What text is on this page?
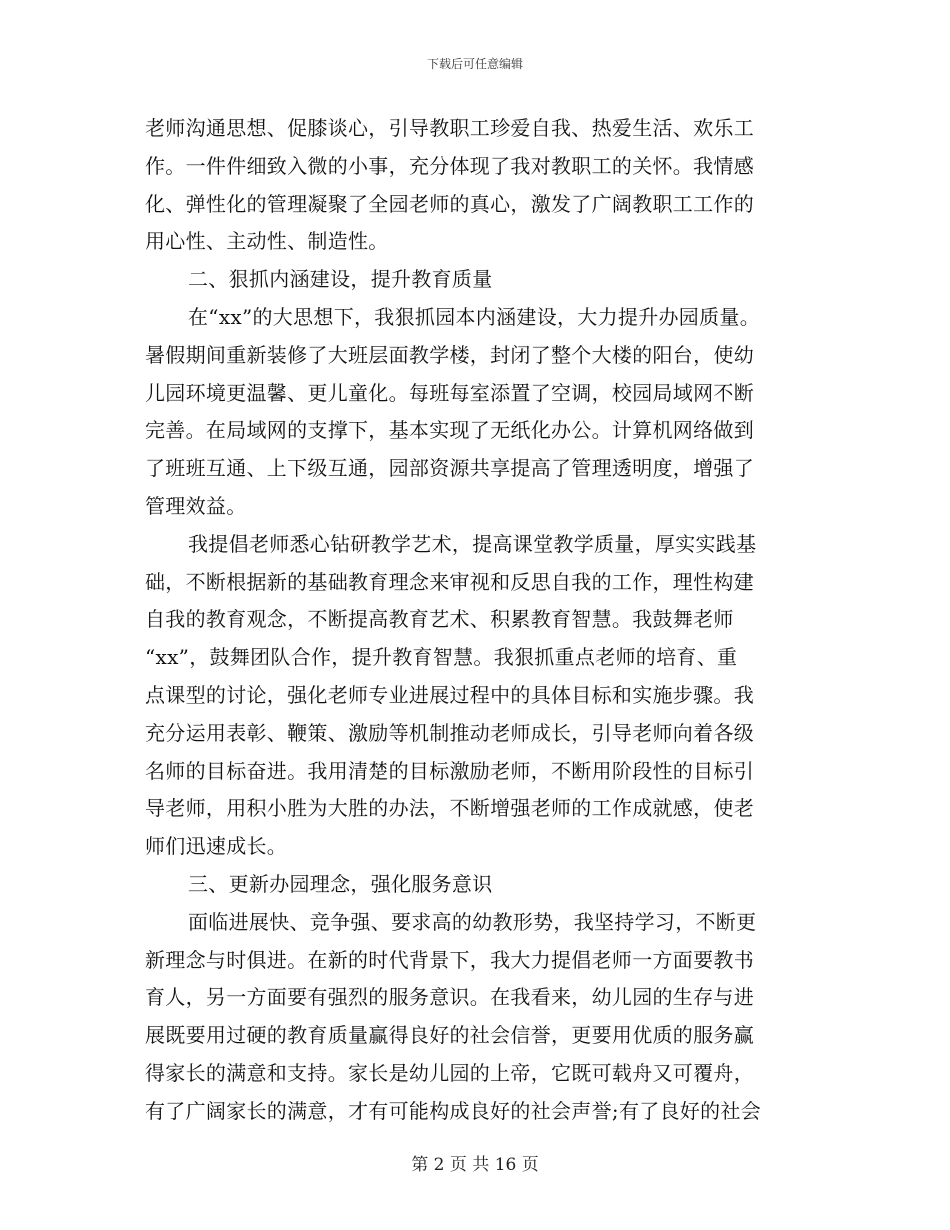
下载后可任意编辑
老师沟通思想、促膝谈心，引导教职工珍爱自我、热爱生活、欢乐工
作。一件件细致入微的小事，充分体现了我对教职工的关怀。我情感
化、弹性化的管理凝聚了全园老师的真心，激发了广阔教职工工作的
用心性、主动性、制造性。
二、狠抓内涵建设，提升教育质量
在“xx”的大思想下，我狠抓园本内涵建设，大力提升办园质量。
暑假期间重新装修了大班层面教学楼，封闭了整个大楼的阳台，使幼
儿园环境更温馨、更儿童化。每班每室添置了空调，校园局域网不断
完善。在局域网的支撑下，基本实现了无纸化办公。计算机网络做到
了班班互通、上下级互通，园部资源共享提高了管理透明度，增强了
管理效益。
我提倡老师悉心钻研教学艺术，提高课堂教学质量，厚实实践基
础，不断根据新的基础教育理念来审视和反思自我的工作，理性构建
自我的教育观念，不断提高教育艺术、积累教育智慧。我鼓舞老师
“xx”，鼓舞团队合作，提升教育智慧。我狠抓重点老师的培育、重
点课型的讨论，强化老师专业进展过程中的具体目标和实施步骤。我
充分运用表彰、鞭策、激励等机制推动老师成长，引导老师向着各级
名师的目标奋进。我用清楚的目标激励老师，不断用阶段性的目标引
导老师，用积小胜为大胜的办法，不断增强老师的工作成就感，使老
师们迅速成长。
三、更新办园理念，强化服务意识
面临进展快、竞争强、要求高的幼教形势，我坚持学习，不断更
新理念与时俱进。在新的时代背景下，我大力提倡老师一方面要教书
育人，另一方面要有强烈的服务意识。在我看来，幼儿园的生存与进
展既要用过硬的教育质量赢得良好的社会信誉，更要用优质的服务赢
得家长的满意和支持。家长是幼儿园的上帝，它既可载舟又可覆舟，
有了广阔家长的满意，才有可能构成良好的社会声誉;有了良好的社会
第 2 页 共 16 页
